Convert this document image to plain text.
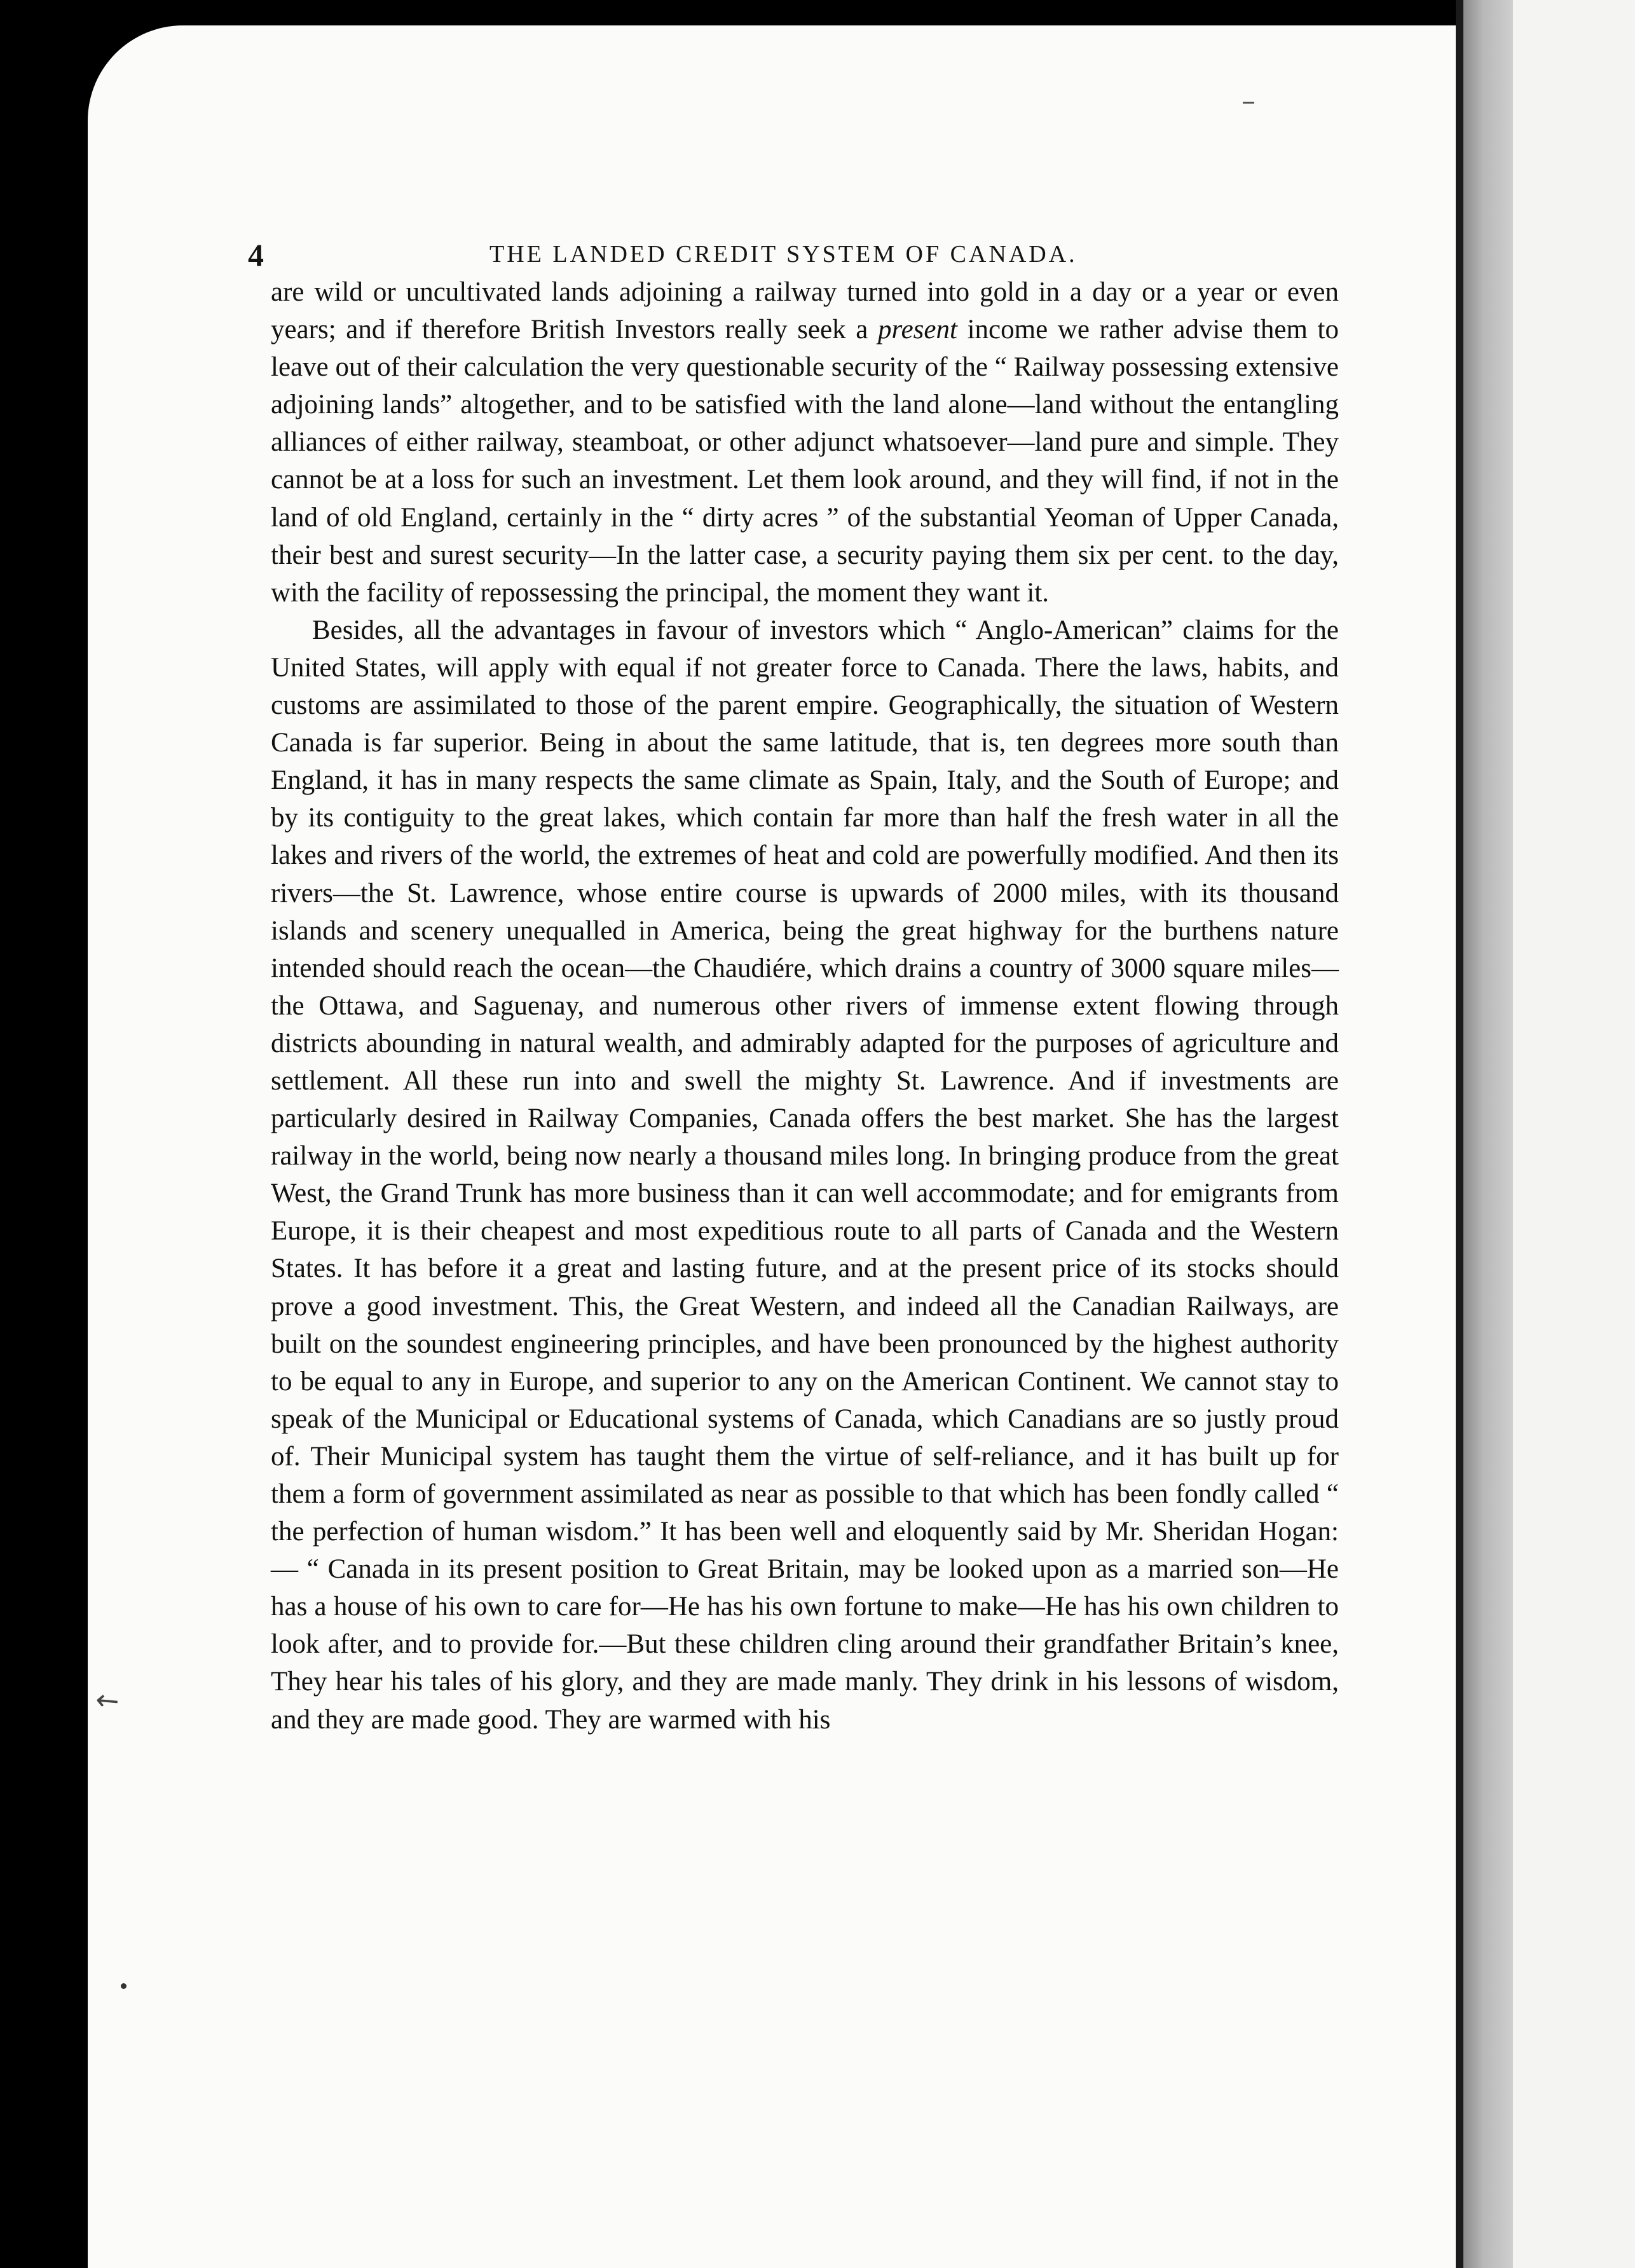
↖
4	THE LANDED CREDIT SYSTEM OF CANADA.

are wild or uncultivated lands adjoining a railway turned into gold in a day or a year or even years; and if therefore British Investors really seek a present income we rather advise them to leave out of their calculation the very questionable security of the “ Railway possessing extensive adjoining lands” altogether, and to be satisfied with the land alone—land without the entangling alliances of either railway, steamboat, or other adjunct whatsoever—land pure and simple. They cannot be at a loss for such an investment. Let them look around, and they will find, if not in the land of old England, certainly in the “ dirty acres ” of the substantial Yeoman of Upper Canada, their best and surest security—In the latter case, a security paying them six per cent. to the day, with the facility of repossessing the principal, the moment they want it.

Besides, all the advantages in favour of investors which “ Anglo-American” claims for the United States, will apply with equal if not greater force to Canada. There the laws, habits, and customs are assimilated to those of the parent empire. Geographically, the situation of Western Canada is far superior. Being in about the same latitude, that is, ten degrees more south than England, it has in many respects the same climate as Spain, Italy, and the South of Europe; and by its contiguity to the great lakes, which contain far more than half the fresh water in all the lakes and rivers of the world, the extremes of heat and cold are powerfully modified. And then its rivers—the St. Lawrence, whose entire course is upwards of 2000 miles, with its thousand islands and scenery unequalled in America, being the great highway for the burthens nature intended should reach the ocean—the Chaudiére, which drains a country of 3000 square miles—the Ottawa, and Saguenay, and numerous other rivers of immense extent flowing through districts abounding in natural wealth, and admirably adapted for the purposes of agriculture and settlement. All these run into and swell the mighty St. Lawrence. And if investments are particularly desired in Railway Companies, Canada offers the best market. She has the largest railway in the world, being now nearly a thousand miles long. In bringing produce from the great West, the Grand Trunk has more business than it can well accommodate; and for emigrants from Europe, it is their cheapest and most expeditious route to all parts of Canada and the Western States. It has before it a great and lasting future, and at the present price of its stocks should prove a good investment. This, the Great Western, and indeed all the Canadian Railways, are built on the soundest engineering principles, and have been pronounced by the highest authority to be equal to any in Europe, and superior to any on the American Continent. We cannot stay to speak of the Municipal or Educational systems of Canada, which Canadians are so justly proud of. Their Municipal system has taught them the virtue of self-reliance, and it has built up for them a form of government assimilated as near as possible to that which has been fondly called “ the perfection of human wisdom.” It has been well and eloquently said by Mr. Sheridan Hogan:— “ Canada in its present position to Great Britain, may be looked upon as a married son—He has a house of his own to care for—He has his own fortune to make—He has his own children to look after, and to provide for.—But these children cling around their grandfather Britain’s knee, They hear his tales of his glory, and they are made manly. They drink in his lessons of wisdom, and they are made good. They are warmed with his
